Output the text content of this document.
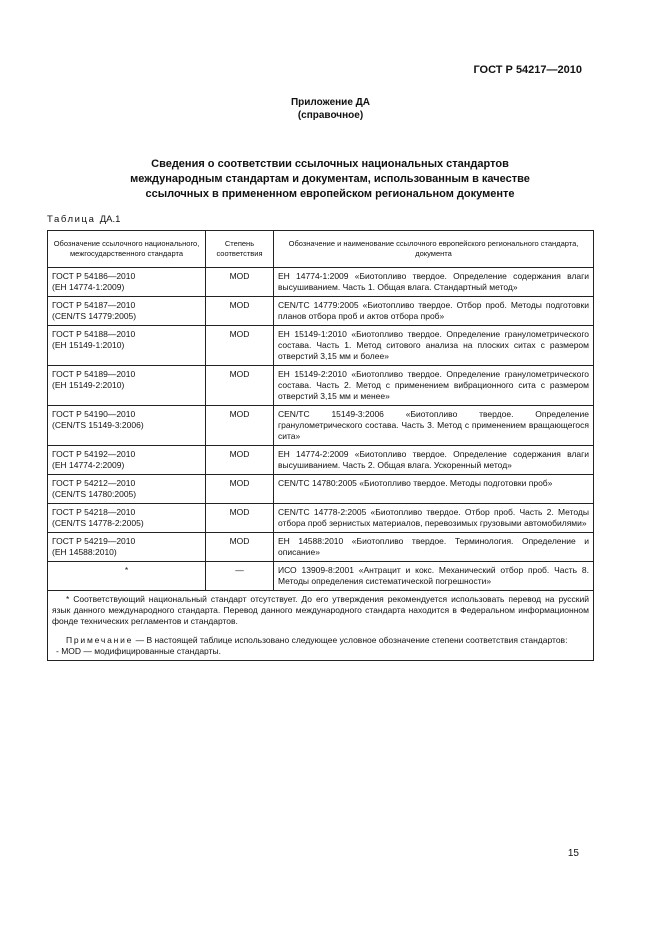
ГОСТ Р 54217—2010
Приложение ДА
(справочное)
Сведения о соответствии ссылочных национальных стандартов
международным стандартам и документам, использованным в качестве
ссылочных в примененном европейском региональном документе
Таблица ДА.1
Обозначение ссылочного национального, межгосударственного стандарта	Степень соответствия	Обозначение и наименование ссылочного европейского регионального стандарта, документа

ГОСТ Р 54186—2010
(ЕН 14774-1:2009)	MOD	ЕН 14774-1:2009 «Биотопливо твердое. Определение содержания влаги высушиванием. Часть 1. Общая влага. Стандартный метод»

ГОСТ Р 54187—2010
(CEN/TS 14779:2005)	MOD	CEN/TC 14779:2005 «Биотопливо твердое. Отбор проб. Методы подготовки планов отбора проб и актов отбора проб»

ГОСТ Р 54188—2010
(ЕН 15149-1:2010)	MOD	ЕН 15149-1:2010 «Биотопливо твердое. Определение гранулометрического состава. Часть 1. Метод ситового анализа на плоских ситах с размером отверстий 3,15 мм и более»

ГОСТ Р 54189—2010
(ЕН 15149-2:2010)	MOD	ЕН 15149-2:2010 «Биотопливо твердое. Определение гранулометрического состава. Часть 2. Метод с применением вибрационного сита с размером отверстий 3,15 мм и менее»

ГОСТ Р 54190—2010
(CEN/TS 15149-3:2006)	MOD	CEN/TC 15149-3:2006 «Биотопливо твердое. Определение гранулометрического состава. Часть 3. Метод с применением вращающегося сита»

ГОСТ Р 54192—2010
(ЕН 14774-2:2009)	MOD	ЕН 14774-2:2009 «Биотопливо твердое. Определение содержания влаги высушиванием. Часть 2. Общая влага. Ускоренный метод»

ГОСТ Р 54212—2010
(CEN/TS 14780:2005)	MOD	CEN/TC 14780:2005 «Биотопливо твердое. Методы подготовки проб»

ГОСТ Р 54218—2010
(CEN/TS 14778-2:2005)	MOD	CEN/TC 14778-2:2005 «Биотопливо твердое. Отбор проб. Часть 2. Методы отбора проб зернистых материалов, перевозимых грузовыми автомобилями»

ГОСТ Р 54219—2010
(ЕН 14588:2010)	MOD	ЕН 14588:2010 «Биотопливо твердое. Терминология. Определение и описание»

*	—	ИСО 13909-8:2001 «Антрацит и кокс. Механический отбор проб. Часть 8. Методы определения систематической погрешности»

* Соответствующий национальный стандарт отсутствует. До его утверждения рекомендуется использовать перевод на русский язык данного международного стандарта. Перевод данного международного стандарта находится в Федеральном информационном фонде технических регламентов и стандартов.
Примечание — В настоящей таблице использовано следующее условное обозначение степени соответствия стандартов:
- MOD — модифицированные стандарты.		
15
